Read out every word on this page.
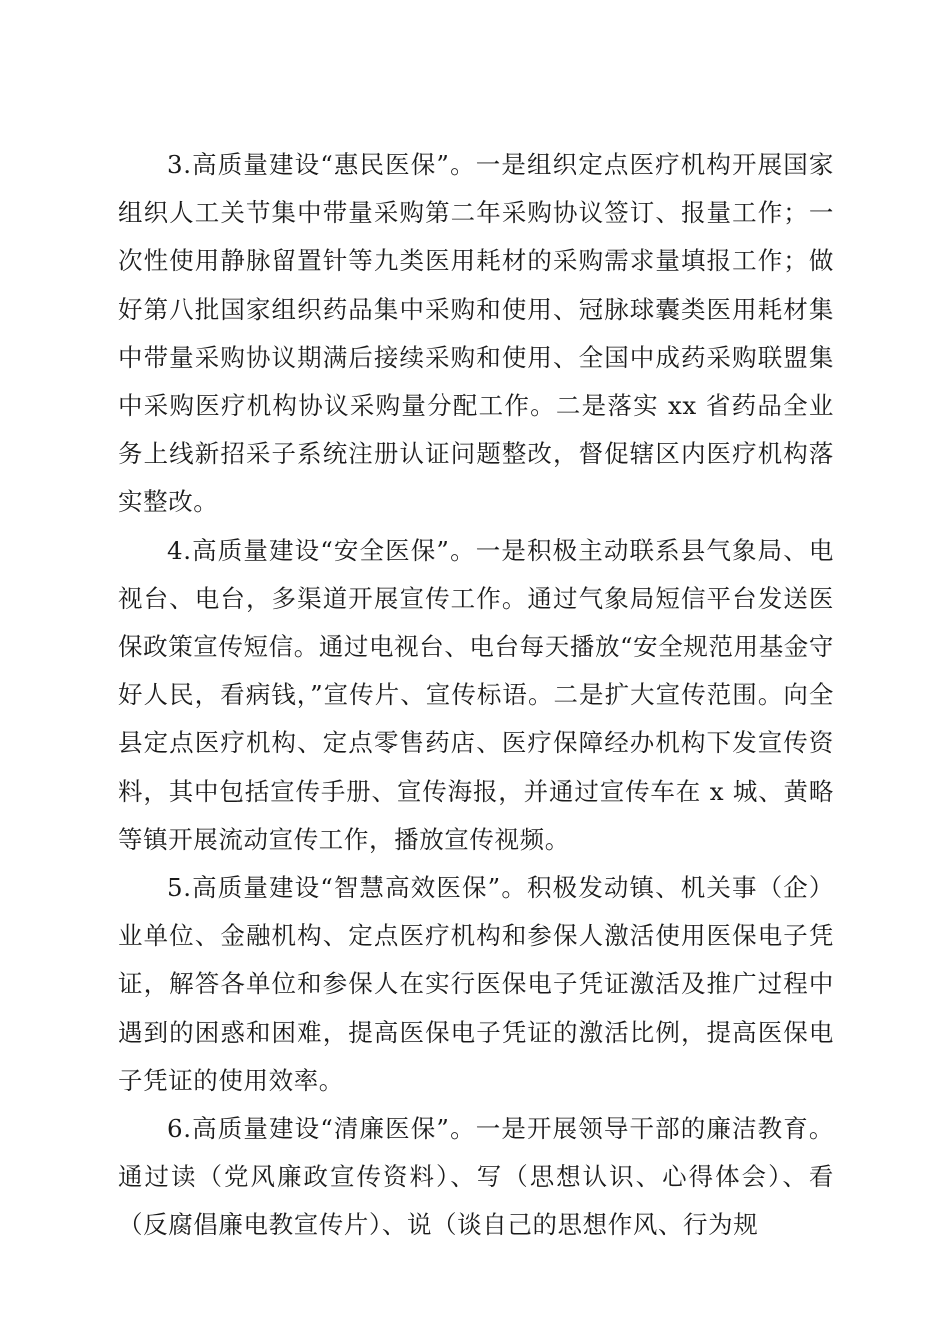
3.高质量建设“惠民医保”。一是组织定点医疗机构开展国家组织人工关节集中带量采购第二年采购协议签订、报量工作；一次性使用静脉留置针等九类医用耗材的采购需求量填报工作；做好第八批国家组织药品集中采购和使用、冠脉球囊类医用耗材集中带量采购协议期满后接续采购和使用、全国中成药采购联盟集中采购医疗机构协议采购量分配工作。二是落实 xx 省药品全业务上线新招采子系统注册认证问题整改，督促辖区内医疗机构落实整改。

4.高质量建设“安全医保”。一是积极主动联系县气象局、电视台、电台，多渠道开展宣传工作。通过气象局短信平台发送医保政策宣传短信。通过电视台、电台每天播放“安全规范用基金守好人民，看病钱，”宣传片、宣传标语。二是扩大宣传范围。向全县定点医疗机构、定点零售药店、医疗保障经办机构下发宣传资料，其中包括宣传手册、宣传海报，并通过宣传车在 x 城、黄略等镇开展流动宣传工作，播放宣传视频。

5.高质量建设“智慧高效医保”。积极发动镇、机关事（企）业单位、金融机构、定点医疗机构和参保人激活使用医保电子凭证，解答各单位和参保人在实行医保电子凭证激活及推广过程中遇到的困惑和困难，提高医保电子凭证的激活比例，提高医保电子凭证的使用效率。

6.高质量建设“清廉医保”。一是开展领导干部的廉洁教育。通过读（党风廉政宣传资料）、写（思想认识、心得体会）、看（反腐倡廉电教宣传片）、说（谈自己的思想作风、行为规
